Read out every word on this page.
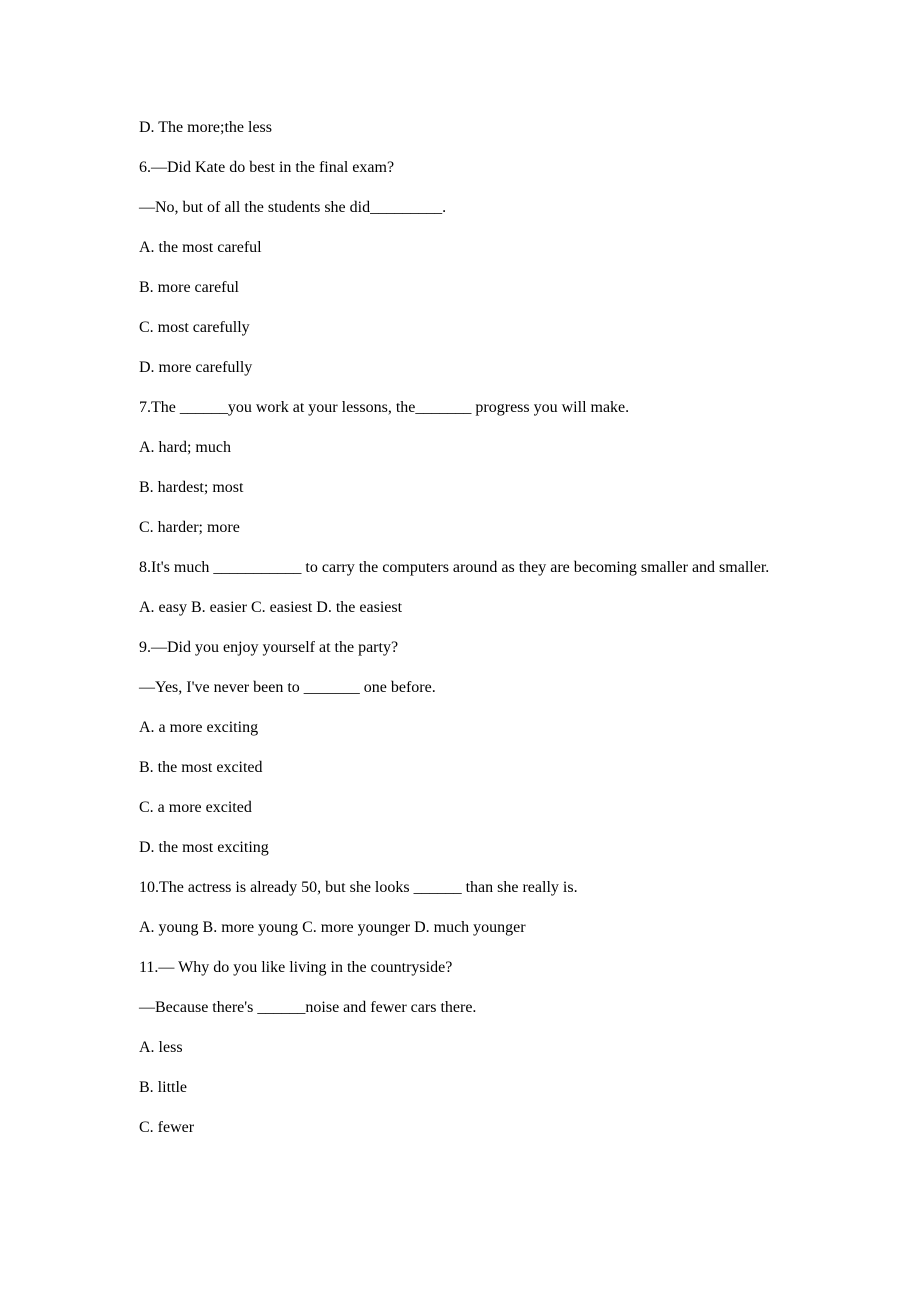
D. The more;the less

6.—Did Kate do best in the final exam?

—No, but of all the students she did_________.

A. the most careful

B. more careful

C. most carefully

D. more carefully

7.The ______you work at your lessons, the_______ progress you will make.

A. hard; much

B. hardest; most

C. harder; more

8.It's much ___________ to carry the computers around as they are becoming smaller and smaller.

A. easy B. easier C. easiest D. the easiest

9.—Did you enjoy yourself at the party?

—Yes, I've never been to _______ one before.

A. a more exciting

B. the most excited

C. a more excited

D. the most exciting

10.The actress is already 50, but she looks ______ than she really is.

A. young B. more young C. more younger D. much younger

11.— Why do you like living in the countryside?

—Because there's ______noise and fewer cars there.

A. less

B. little

C. fewer
